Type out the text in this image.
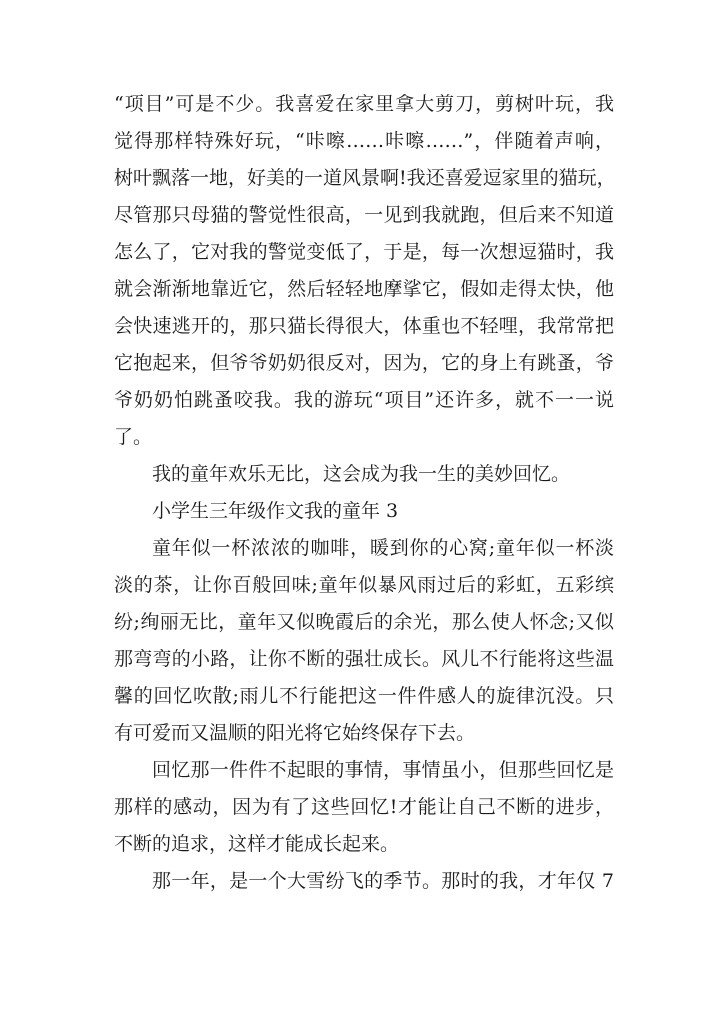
“项目”可是不少。我喜爱在家里拿大剪刀，剪树叶玩，我
觉得那样特殊好玩，“咔嚓……咔嚓……”，伴随着声响，
树叶飘落一地，好美的一道风景啊!我还喜爱逗家里的猫玩，
尽管那只母猫的警觉性很高，一见到我就跑，但后来不知道
怎么了，它对我的警觉变低了，于是，每一次想逗猫时，我
就会渐渐地靠近它，然后轻轻地摩挲它，假如走得太快，他
会快速逃开的，那只猫长得很大，体重也不轻哩，我常常把
它抱起来，但爷爷奶奶很反对，因为，它的身上有跳蚤，爷
爷奶奶怕跳蚤咬我。我的游玩“项目”还许多，就不一一说
了。
我的童年欢乐无比，这会成为我一生的美妙回忆。
小学生三年级作文我的童年 3
童年似一杯浓浓的咖啡，暖到你的心窝;童年似一杯淡
淡的茶，让你百般回味;童年似暴风雨过后的彩虹，五彩缤
纷;绚丽无比，童年又似晚霞后的余光，那么使人怀念;又似
那弯弯的小路，让你不断的强壮成长。风儿不行能将这些温
馨的回忆吹散;雨儿不行能把这一件件感人的旋律沉没。只
有可爱而又温顺的阳光将它始终保存下去。
回忆那一件件不起眼的事情，事情虽小，但那些回忆是
那样的感动，因为有了这些回忆!才能让自己不断的进步，
不断的追求，这样才能成长起来。
那一年，是一个大雪纷飞的季节。那时的我，才年仅 7
